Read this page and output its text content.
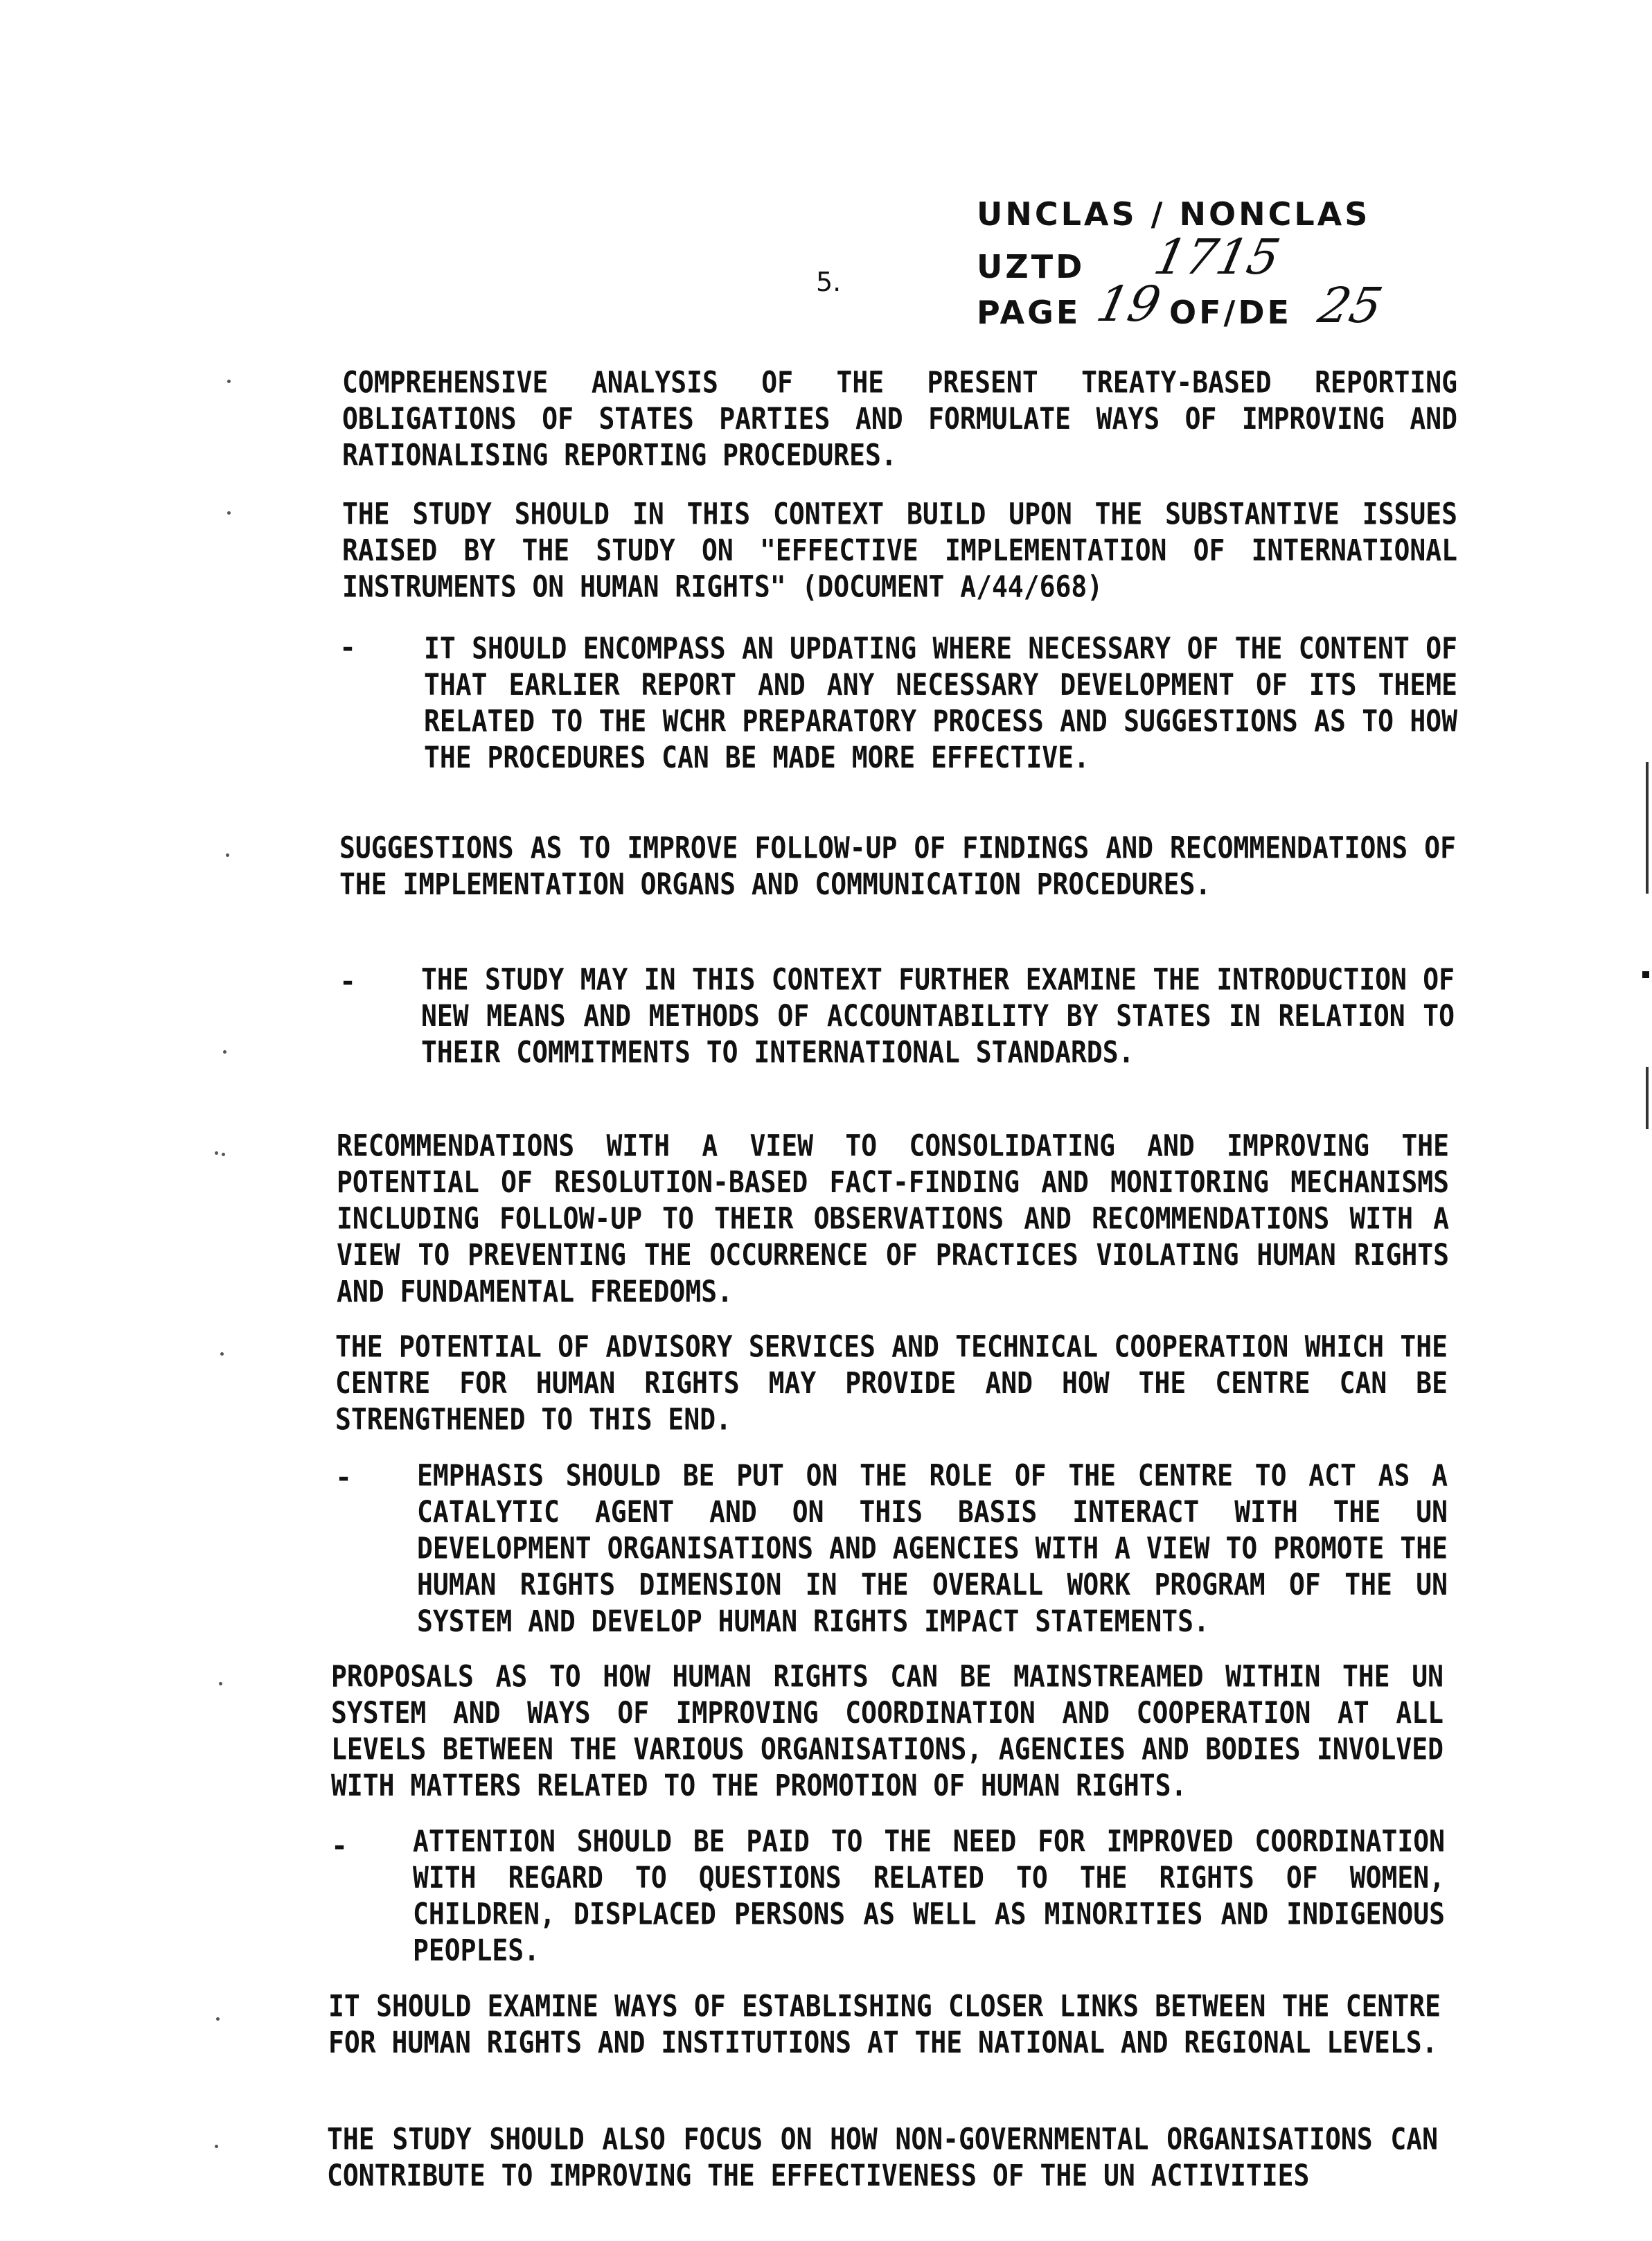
UNCLAS / NONCLAS
UZTD 1715
PAGE 19 OF/DE 25
5.

COMPREHENSIVE ANALYSIS OF THE PRESENT TREATY-BASED REPORTING OBLIGATIONS OF STATES PARTIES AND FORMULATE WAYS OF IMPROVING AND RATIONALISING REPORTING PROCEDURES.

THE STUDY SHOULD IN THIS CONTEXT BUILD UPON THE SUBSTANTIVE ISSUES RAISED BY THE STUDY ON "EFFECTIVE IMPLEMENTATION OF INTERNATIONAL INSTRUMENTS ON HUMAN RIGHTS" (DOCUMENT A/44/668)

-	IT SHOULD ENCOMPASS AN UPDATING WHERE NECESSARY OF THE CONTENT OF THAT EARLIER REPORT AND ANY NECESSARY DEVELOPMENT OF ITS THEME RELATED TO THE WCHR PREPARATORY PROCESS AND SUGGESTIONS AS TO HOW THE PROCEDURES CAN BE MADE MORE EFFECTIVE.

SUGGESTIONS AS TO IMPROVE FOLLOW-UP OF FINDINGS AND RECOMMENDATIONS OF THE IMPLEMENTATION ORGANS AND COMMUNICATION PROCEDURES.

- THE STUDY MAY IN THIS CONTEXT FURTHER EXAMINE THE INTRODUCTION OF NEW MEANS AND METHODS OF ACCOUNTABILITY BY STATES IN RELATION TO THEIR COMMITMENTS TO INTERNATIONAL STANDARDS.

RECOMMENDATIONS WITH A VIEW TO CONSOLIDATING AND IMPROVING THE POTENTIAL OF RESOLUTION-BASED FACT-FINDING AND MONITORING MECHANISMS INCLUDING FOLLOW-UP TO THEIR OBSERVATIONS AND RECOMMENDATIONS WITH A VIEW TO PREVENTING THE OCCURRENCE OF PRACTICES VIOLATING HUMAN RIGHTS AND FUNDAMENTAL FREEDOMS.

THE POTENTIAL OF ADVISORY SERVICES AND TECHNICAL COOPERATION WHICH THE CENTRE FOR HUMAN RIGHTS MAY PROVIDE AND HOW THE CENTRE CAN BE STRENGTHENED TO THIS END.

- EMPHASIS SHOULD BE PUT ON THE ROLE OF THE CENTRE TO ACT AS A CATALYTIC AGENT AND ON THIS BASIS INTERACT WITH THE UN DEVELOPMENT ORGANISATIONS AND AGENCIES WITH A VIEW TO PROMOTE THE HUMAN RIGHTS DIMENSION IN THE OVERALL WORK PROGRAM OF THE UN SYSTEM AND DEVELOP HUMAN RIGHTS IMPACT STATEMENTS.

PROPOSALS AS TO HOW HUMAN RIGHTS CAN BE MAINSTREAMED WITHIN THE UN SYSTEM AND WAYS OF IMPROVING COORDINATION AND COOPERATION AT ALL LEVELS BETWEEN THE VARIOUS ORGANISATIONS, AGENCIES AND BODIES INVOLVED WITH MATTERS RELATED TO THE PROMOTION OF HUMAN RIGHTS.

- ATTENTION SHOULD BE PAID TO THE NEED FOR IMPROVED COORDINATION WITH REGARD TO QUESTIONS RELATED TO THE RIGHTS OF WOMEN, CHILDREN, DISPLACED PERSONS AS WELL AS MINORITIES AND INDIGENOUS PEOPLES.

IT SHOULD EXAMINE WAYS OF ESTABLISHING CLOSER LINKS BETWEEN THE CENTRE FOR HUMAN RIGHTS AND INSTITUTIONS AT THE NATIONAL AND REGIONAL LEVELS.

THE STUDY SHOULD ALSO FOCUS ON HOW NON-GOVERNMENTAL ORGANISATIONS CAN CONTRIBUTE TO IMPROVING THE EFFECTIVENESS OF THE UN ACTIVITIES
